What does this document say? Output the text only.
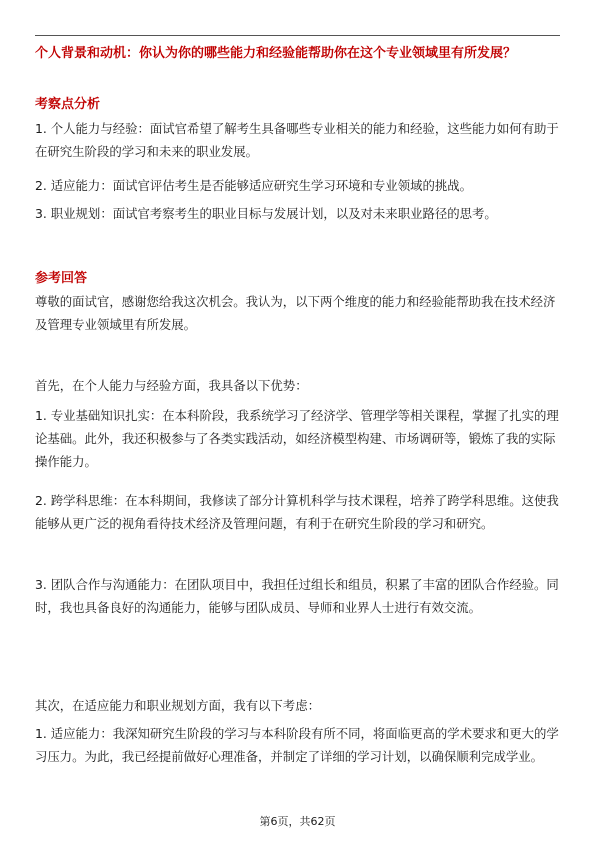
个人背景和动机：你认为你的哪些能力和经验能帮助你在这个专业领域里有所发展？

考察点分析

1. 个人能力与经验：面试官希望了解考生具备哪些专业相关的能力和经验，这些能力如何有助于在研究生阶段的学习和未来的职业发展。

2. 适应能力：面试官评估考生是否能够适应研究生学习环境和专业领域的挑战。

3. 职业规划：面试官考察考生的职业目标与发展计划，以及对未来职业路径的思考。

参考回答

尊敬的面试官，感谢您给我这次机会。我认为，以下两个维度的能力和经验能帮助我在技术经济及管理专业领域里有所发展。

首先，在个人能力与经验方面，我具备以下优势：

1. 专业基础知识扎实：在本科阶段，我系统学习了经济学、管理学等相关课程，掌握了扎实的理论基础。此外，我还积极参与了各类实践活动，如经济模型构建、市场调研等，锻炼了我的实际操作能力。

2. 跨学科思维：在本科期间，我修读了部分计算机科学与技术课程，培养了跨学科思维。这使我能够从更广泛的视角看待技术经济及管理问题，有利于在研究生阶段的学习和研究。

3. 团队合作与沟通能力：在团队项目中，我担任过组长和组员，积累了丰富的团队合作经验。同时，我也具备良好的沟通能力，能够与团队成员、导师和业界人士进行有效交流。

其次，在适应能力和职业规划方面，我有以下考虑：

1. 适应能力：我深知研究生阶段的学习与本科阶段有所不同，将面临更高的学术要求和更大的学习压力。为此，我已经提前做好心理准备，并制定了详细的学习计划，以确保顺利完成学业。

第6页，共62页
